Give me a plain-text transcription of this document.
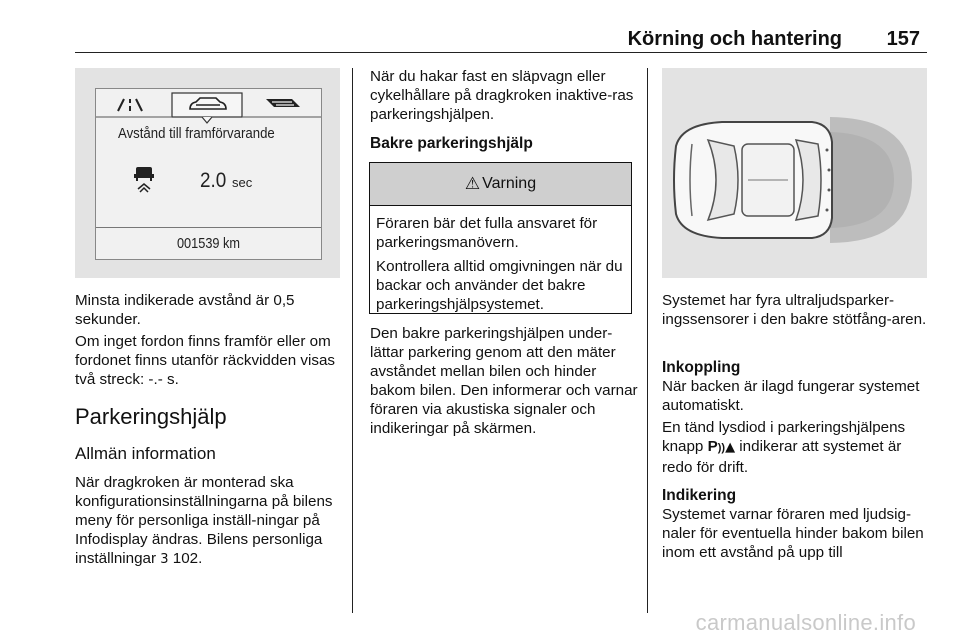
Körning och hantering 157
Avstånd till framförvarande
2.0 sec
001539 km

Minsta indikerade avstånd är 0,5 sekunder.

Om inget fordon finns framför eller om fordonet finns utanför räckvidden visas två streck: -.- s.

Parkeringshjälp
Allmän information

När dragkroken är monterad ska konfigurationsinställningarna på bilens meny för personliga inställ-ningar på Infodisplay ändras. Bilens personliga inställningar 3 102.

När du hakar fast en släpvagn eller cykelhållare på dragkroken inaktive-ras parkeringshjälpen.

Bakre parkeringshjälp
⚠ Varning

Föraren bär det fulla ansvaret för parkeringsmanövern.

Kontrollera alltid omgivningen när du backar och använder det bakre parkeringshjälpsystemet.

Den bakre parkeringshjälpen under-lättar parkering genom att den mäter avståndet mellan bilen och hinder bakom bilen. Den informerar och varnar föraren via akustiska signaler och indikeringar på skärmen.

Systemet har fyra ultraljudsparker-ingssensorer i den bakre stötfång-aren.

Inkoppling

När backen är ilagd fungerar systemet automatiskt.

En tänd lysdiod i parkeringshjälpens knapp P))▲ indikerar att systemet är redo för drift.

Indikering

Systemet varnar föraren med ljudsig-naler för eventuella hinder bakom bilen inom ett avstånd på upp till

carmanualsonline.info
